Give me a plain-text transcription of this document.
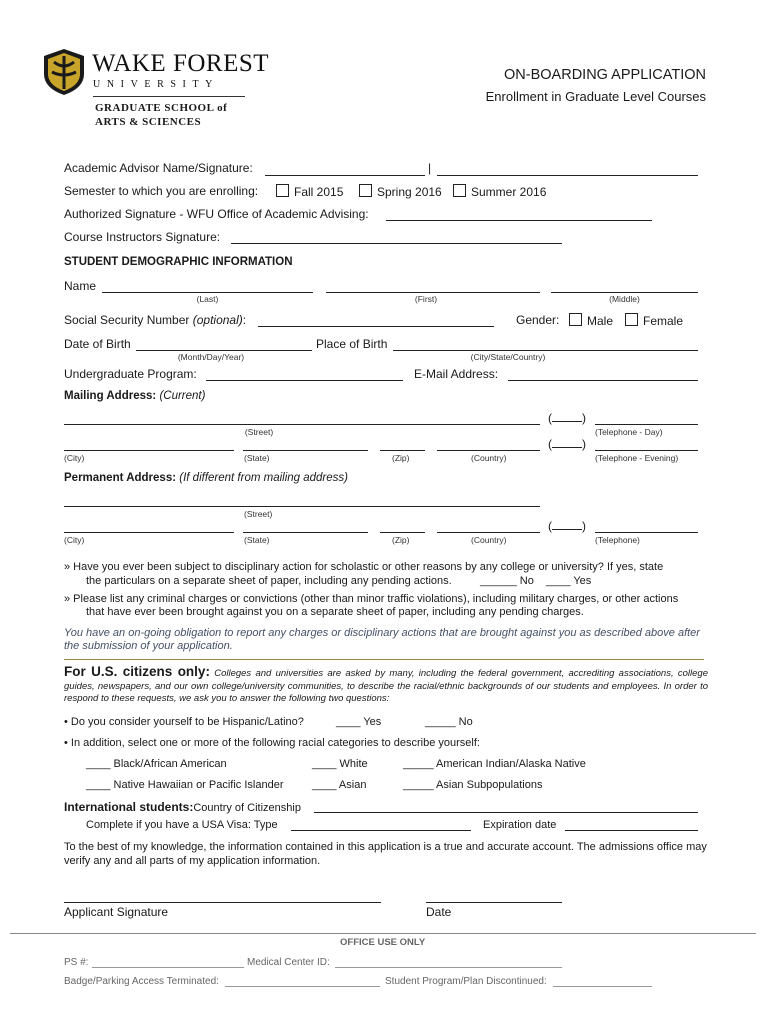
WAKE FOREST
UNIVERSITY
GRADUATE SCHOOL of
ARTS & SCIENCES
ON-BOARDING APPLICATION
Enrollment in Graduate Level Courses
Academic Advisor Name/Signature:	|
Semester to which you are enrolling:	Fall 2015	Spring 2016	Summer 2016
Authorized Signature - WFU Office of Academic Advising:
Course Instructors Signature:
STUDENT DEMOGRAPHIC INFORMATION
Name
(Last)	(First)	(Middle)
Social Security Number (optional):	Gender:	Male	Female
Date of Birth
(Month/Day/Year)
Place of Birth
(City/State/Country)
Undergraduate Program:	E-Mail Address:
Mailing Address: (Current)
(	)
(Street)	(Telephone - Day)
(	)
(City)	(State)	(Zip)	(Country)	(Telephone - Evening)
Permanent Address: (If different from mailing address)
(Street)
(	)
(City)	(State)	(Zip)	(Country)	(Telephone)
» Have you ever been subject to disciplinary action for scholastic or other reasons by any college or university? If yes, state
the particulars on a separate sheet of paper, including any pending actions.	______ No ____ Yes
» Please list any criminal charges or convictions (other than minor traffic violations), including military charges, or other actions
that have ever been brought against you on a separate sheet of paper, including any pending charges.
You have an on-going obligation to report any charges or disciplinary actions that are brought against you as described above after the submission of your application.
For U.S. citizens only: Colleges and universities are asked by many, including the federal government, accrediting associations, college guides, newspapers, and our own college/university communities, to describe the racial/ethnic backgrounds of our students and employees. In order to respond to these requests, we ask you to answer the following two questions:
• Do you consider yourself to be Hispanic/Latino?	____ Yes	_____ No
• In addition, select one or more of the following racial categories to describe yourself:
____ Black/African American	____ White	_____ American Indian/Alaska Native
____ Native Hawaiian or Pacific Islander	____ Asian	_____ Asian Subpopulations
International students:Country of Citizenship
Complete if you have a USA Visa: Type	Expiration date
To the best of my knowledge, the information contained in this application is a true and accurate account. The admissions office may verify any and all parts of my application information.
Applicant Signature	Date
OFFICE USE ONLY
PS #:	Medical Center ID:
Badge/Parking Access Terminated:	Student Program/Plan Discontinued:
